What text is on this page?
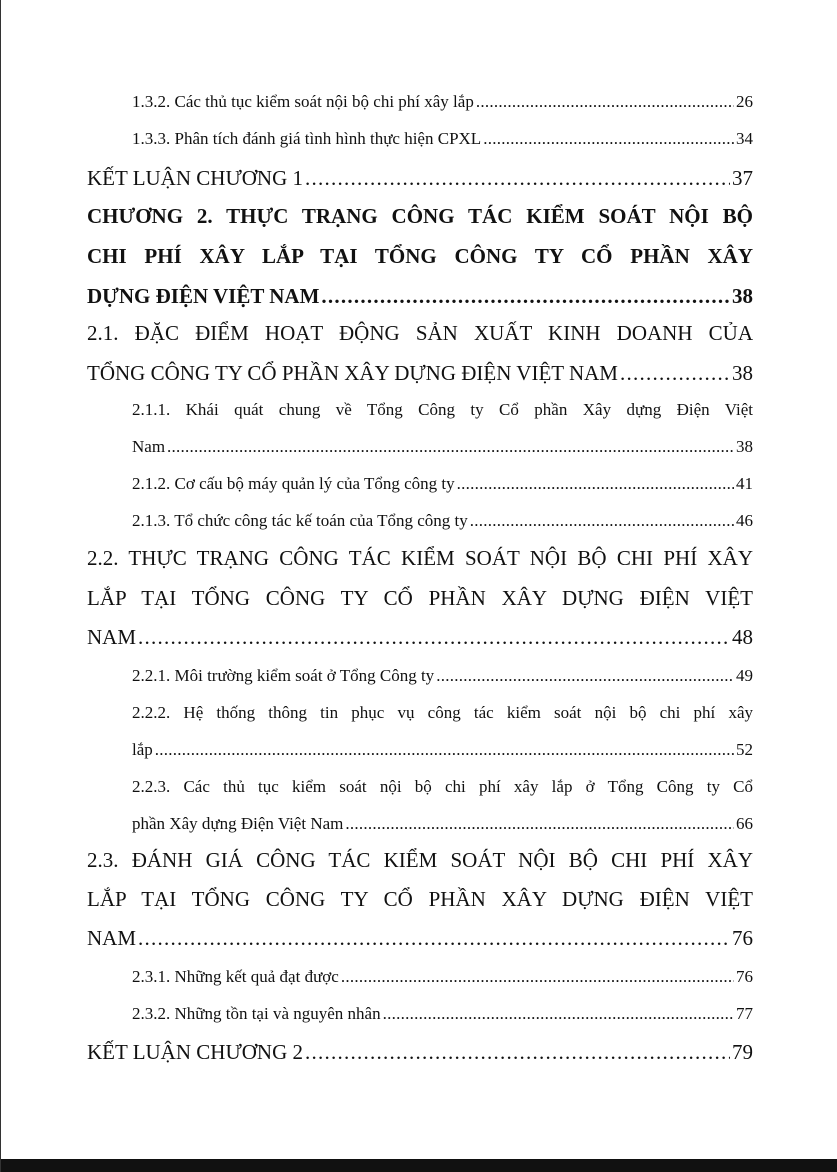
1.3.2. Các thủ tục kiểm soát nội bộ chi phí xây lắp . . .	26
1.3.3. Phân tích đánh giá tình hình thực hiện CPXL . . .	34
KẾT LUẬN CHƯƠNG 1 . . .	37
CHƯƠNG 2. THỰC TRẠNG CÔNG TÁC KIỂM SOÁT NỘI BỘ
CHI PHÍ XÂY LẮP TẠI TỔNG CÔNG TY CỔ PHẦN XÂY
DỰNG ĐIỆN VIỆT NAM . . .	38
2.1. ĐẶC ĐIỂM HOẠT ĐỘNG SẢN XUẤT KINH DOANH CỦA
TỔNG CÔNG TY CỔ PHẦN XÂY DỰNG ĐIỆN VIỆT NAM . . .	38
2.1.1. Khái quát chung về Tổng Công ty Cổ phần Xây dựng Điện Việt
Nam . . .	38
2.1.2. Cơ cấu bộ máy quản lý của Tổng công ty . . .	41
2.1.3. Tổ chức công tác kế toán của Tổng công ty . . .	46
2.2. THỰC TRẠNG CÔNG TÁC KIỂM SOÁT NỘI BỘ CHI PHÍ XÂY
LẮP TẠI TỔNG CÔNG TY CỔ PHẦN XÂY DỰNG ĐIỆN VIỆT
NAM . . .	48
2.2.1. Môi trường kiểm soát ở Tổng Công ty . . .	49
2.2.2. Hệ thống thông tin phục vụ công tác kiểm soát nội bộ chi phí xây
lắp . . .	52
2.2.3. Các thủ tục kiểm soát nội bộ chi phí xây lắp ở Tổng Công ty Cổ
phần Xây dựng Điện Việt Nam . . .	66
2.3. ĐÁNH GIÁ CÔNG TÁC KIỂM SOÁT NỘI BỘ CHI PHÍ XÂY
LẮP TẠI TỔNG CÔNG TY CỔ PHẦN XÂY DỰNG ĐIỆN VIỆT
NAM . . .	76
2.3.1. Những kết quả đạt được . . .	76
2.3.2. Những tồn tại và nguyên nhân . . .	77
KẾT LUẬN CHƯƠNG 2 . . .	79
